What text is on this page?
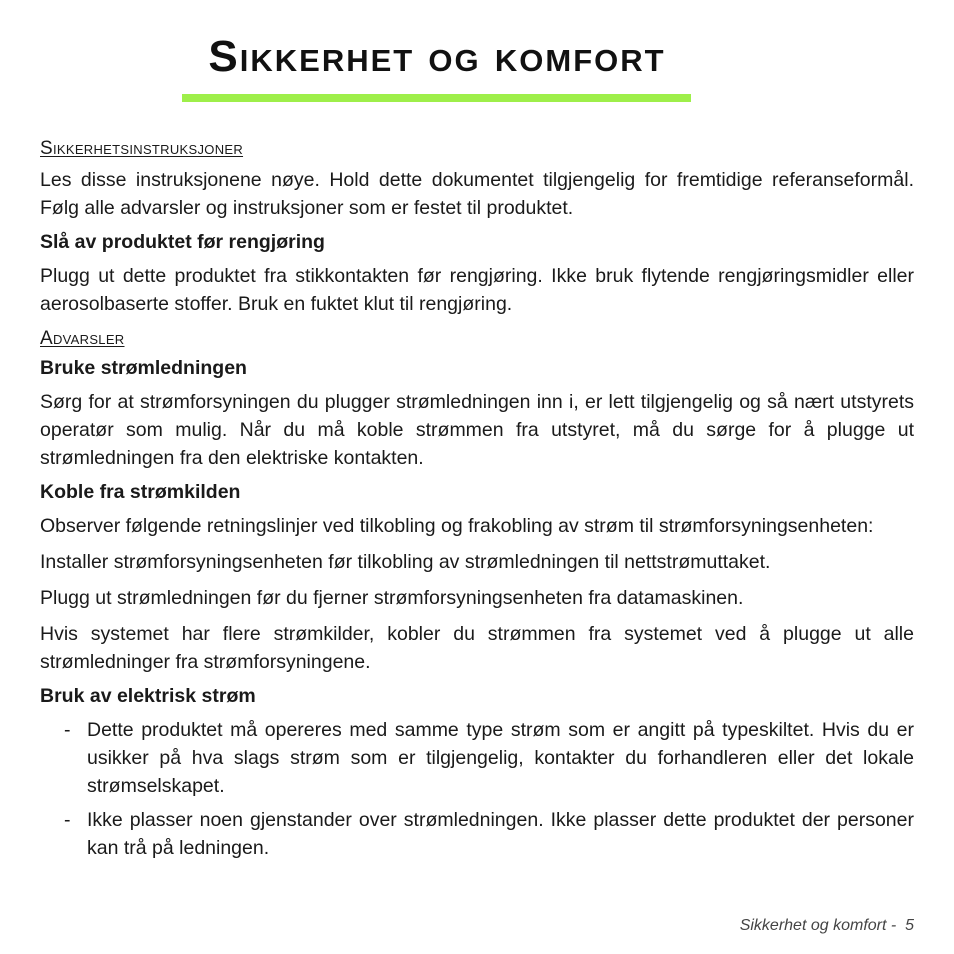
Sikkerhet og komfort
Sikkerhetsinstruksjoner

Les disse instruksjonene nøye. Hold dette dokumentet tilgjengelig for fremtidige referanseformål. Følg alle advarsler og instruksjoner som er festet til produktet.

Slå av produktet før rengjøring

Plugg ut dette produktet fra stikkontakten før rengjøring. Ikke bruk flytende rengjøringsmidler eller aerosolbaserte stoffer. Bruk en fuktet klut til rengjøring.

Advarsler
Bruke strømledningen

Sørg for at strømforsyningen du plugger strømledningen inn i, er lett tilgjengelig og så nært utstyrets operatør som mulig. Når du må koble strømmen fra utstyret, må du sørge for å plugge ut strømledningen fra den elektriske kontakten.

Koble fra strømkilden

Observer følgende retningslinjer ved tilkobling og frakobling av strøm til strømforsyningsenheten:

Installer strømforsyningsenheten før tilkobling av strømledningen til nettstrømuttaket.

Plugg ut strømledningen før du fjerner strømforsyningsenheten fra datamaskinen.

Hvis systemet har flere strømkilder, kobler du strømmen fra systemet ved å plugge ut alle strømledninger fra strømforsyningene.

Bruk av elektrisk strøm
- Dette produktet må opereres med samme type strøm som er angitt på typeskiltet. Hvis du er usikker på hva slags strøm som er tilgjengelig, kontakter du forhandleren eller det lokale strømselskapet.
- Ikke plasser noen gjenstander over strømledningen. Ikke plasser dette produktet der personer kan trå på ledningen.
Sikkerhet og komfort -  5
